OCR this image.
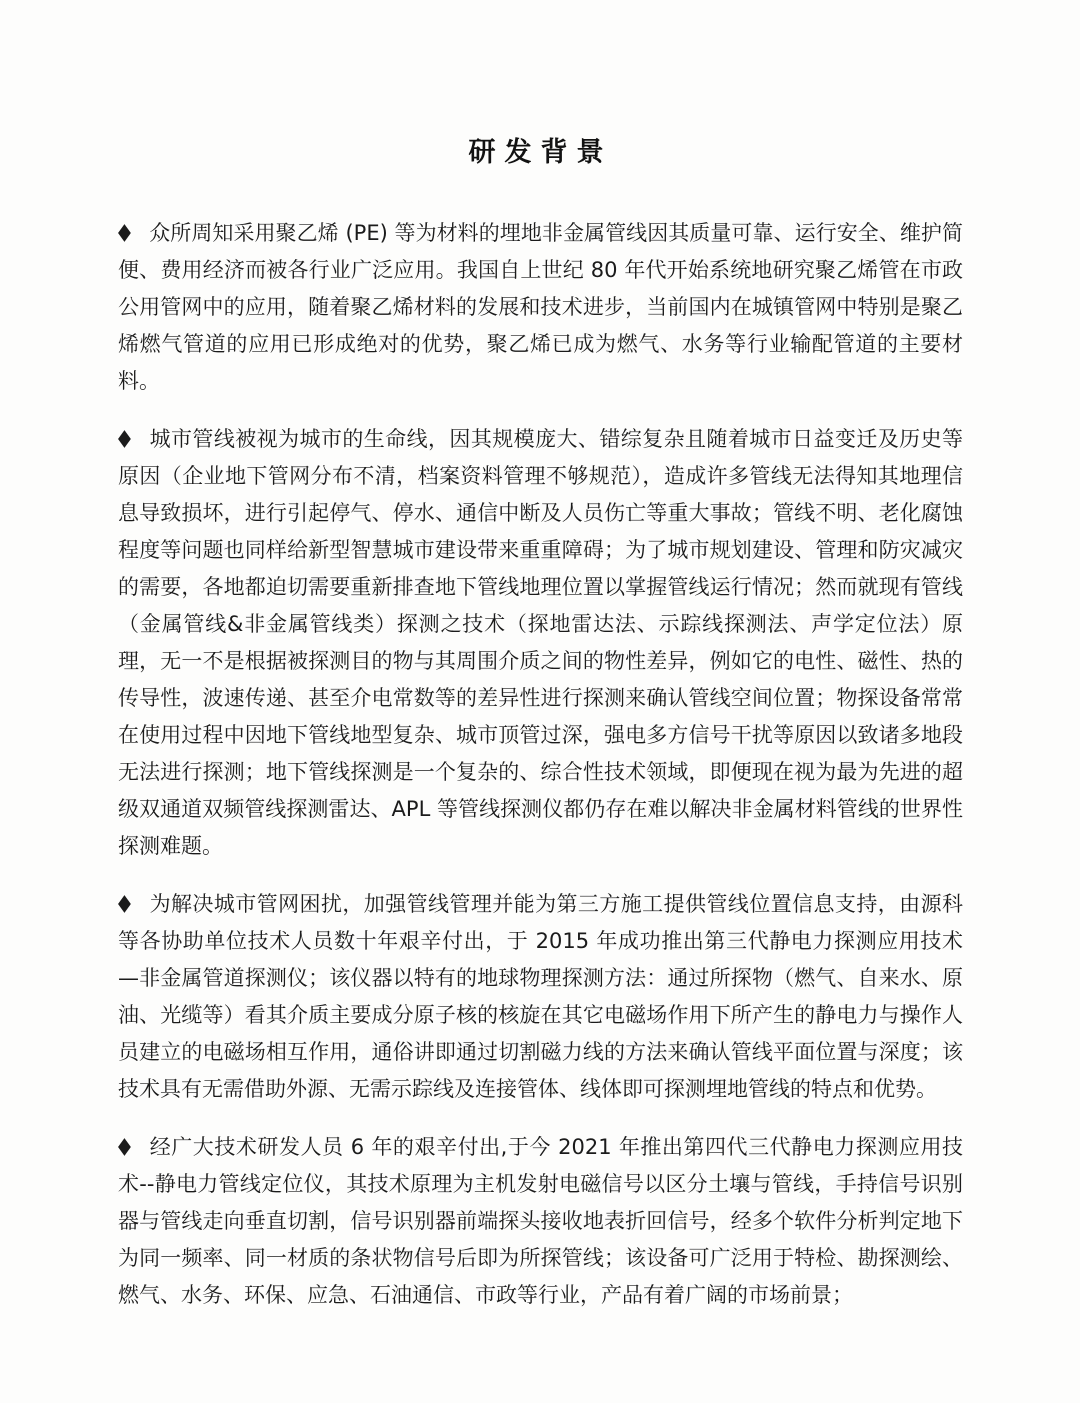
研发背景

◆ 众所周知采用聚乙烯 (PE) 等为材料的埋地非金属管线因其质量可靠、运行安全、维护简便、费用经济而被各行业广泛应用。我国自上世纪 80 年代开始系统地研究聚乙烯管在市政公用管网中的应用，随着聚乙烯材料的发展和技术进步，当前国内在城镇管网中特别是聚乙烯燃气管道的应用已形成绝对的优势，聚乙烯已成为燃气、水务等行业输配管道的主要材料。

◆ 城市管线被视为城市的生命线，因其规模庞大、错综复杂且随着城市日益变迁及历史等原因（企业地下管网分布不清，档案资料管理不够规范），造成许多管线无法得知其地理信息导致损坏，进行引起停气、停水、通信中断及人员伤亡等重大事故；管线不明、老化腐蚀程度等问题也同样给新型智慧城市建设带来重重障碍；为了城市规划建设、管理和防灾减灾的需要，各地都迫切需要重新排查地下管线地理位置以掌握管线运行情况；然而就现有管线（金属管线&非金属管线类）探测之技术（探地雷达法、示踪线探测法、声学定位法）原理，无一不是根据被探测目的物与其周围介质之间的物性差异，例如它的电性、磁性、热的传导性，波速传递、甚至介电常数等的差异性进行探测来确认管线空间位置；物探设备常常在使用过程中因地下管线地型复杂、城市顶管过深，强电多方信号干扰等原因以致诸多地段无法进行探测；地下管线探测是一个复杂的、综合性技术领域，即便现在视为最为先进的超级双通道双频管线探测雷达、APL 等管线探测仪都仍存在难以解决非金属材料管线的世界性探测难题。

◆ 为解决城市管网困扰，加强管线管理并能为第三方施工提供管线位置信息支持，由源科等各协助单位技术人员数十年艰辛付出，于 2015 年成功推出第三代静电力探测应用技术 —非金属管道探测仪；该仪器以特有的地球物理探测方法：通过所探物（燃气、自来水、原油、光缆等）看其介质主要成分原子核的核旋在其它电磁场作用下所产生的静电力与操作人员建立的电磁场相互作用，通俗讲即通过切割磁力线的方法来确认管线平面位置与深度；该技术具有无需借助外源、无需示踪线及连接管体、线体即可探测埋地管线的特点和优势。

◆ 经广大技术研发人员 6 年的艰辛付出,于今 2021 年推出第四代三代静电力探测应用技术--静电力管线定位仪，其技术原理为主机发射电磁信号以区分土壤与管线，手持信号识别器与管线走向垂直切割，信号识别器前端探头接收地表折回信号，经多个软件分析判定地下为同一频率、同一材质的条状物信号后即为所探管线；该设备可广泛用于特检、勘探测绘、燃气、水务、环保、应急、石油通信、市政等行业，产品有着广阔的市场前景；
